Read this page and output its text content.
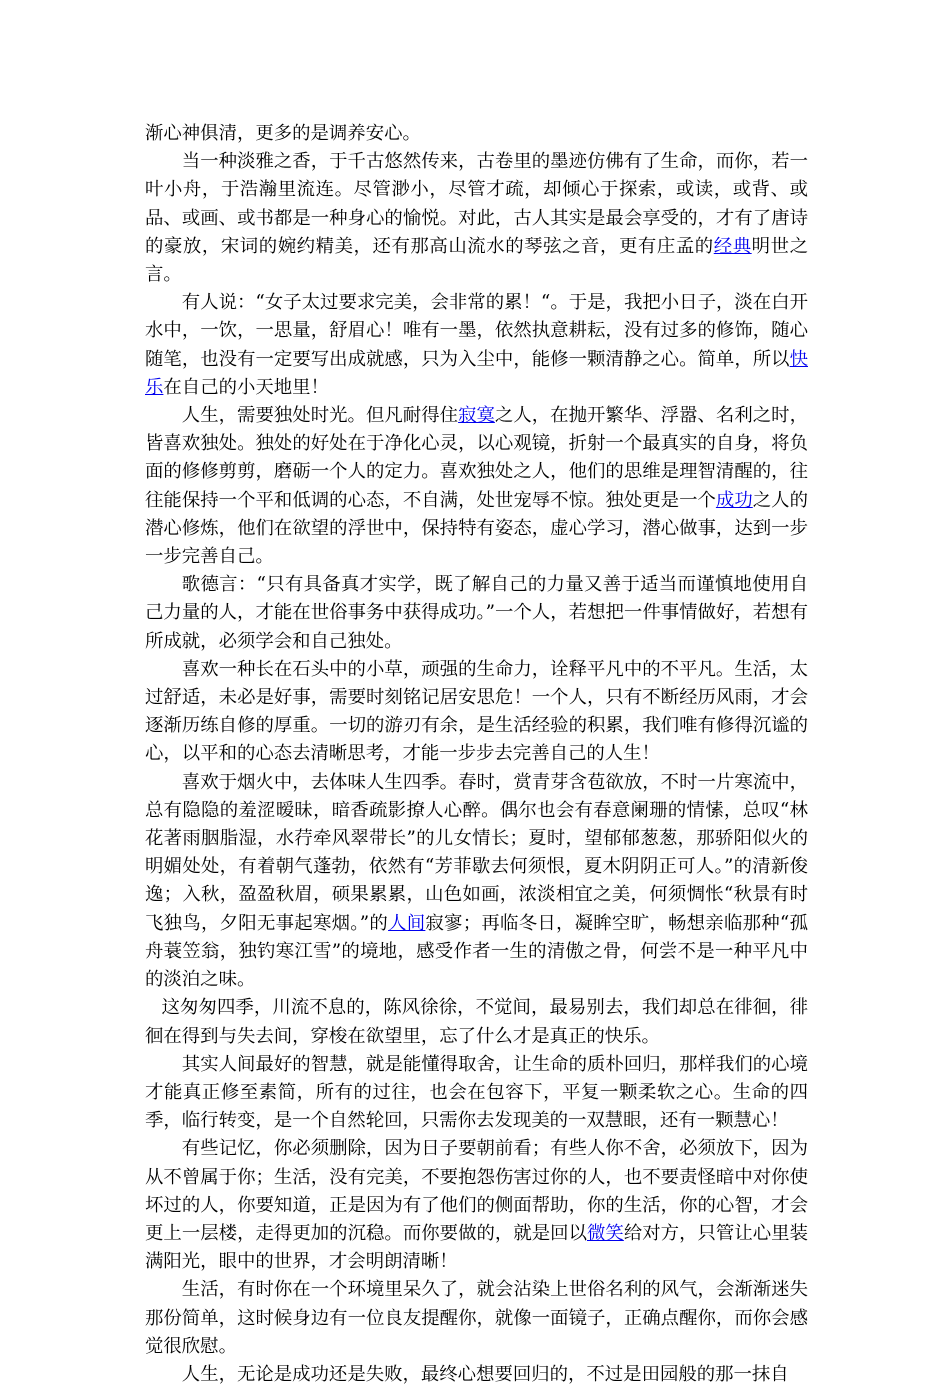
渐心神俱清，更多的是调养安心。

当一种淡雅之香，于千古悠然传来，古卷里的墨迹仿佛有了生命，而你，若一叶小舟，于浩瀚里流连。尽管渺小，尽管才疏，却倾心于探索，或读，或背、或品、或画、或书都是一种身心的愉悦。对此，古人其实是最会享受的，才有了唐诗的豪放，宋词的婉约精美，还有那高山流水的琴弦之音，更有庄孟的经典明世之言。

有人说：“女子太过要求完美，会非常的累！“。于是，我把小日子，淡在白开水中，一饮，一思量，舒眉心！唯有一墨，依然执意耕耘，没有过多的修饰，随心随笔，也没有一定要写出成就感，只为入尘中，能修一颗清静之心。简单，所以快乐在自己的小天地里！

人生，需要独处时光。但凡耐得住寂寞之人，在抛开繁华、浮嚣、名利之时，皆喜欢独处。独处的好处在于净化心灵，以心观镜，折射一个最真实的自身，将负面的修修剪剪，磨砺一个人的定力。喜欢独处之人，他们的思维是理智清醒的，往往能保持一个平和低调的心态，不自满，处世宠辱不惊。独处更是一个成功之人的潜心修炼，他们在欲望的浮世中，保持特有姿态，虚心学习，潜心做事，达到一步一步完善自己。

歌德言：“只有具备真才实学，既了解自己的力量又善于适当而谨慎地使用自己力量的人，才能在世俗事务中获得成功。”一个人，若想把一件事情做好，若想有所成就，必须学会和自己独处。

喜欢一种长在石头中的小草，顽强的生命力，诠释平凡中的不平凡。生活，太过舒适，未必是好事，需要时刻铭记居安思危！一个人，只有不断经历风雨，才会逐渐历练自修的厚重。一切的游刃有余，是生活经验的积累，我们唯有修得沉谧的心，以平和的心态去清晰思考，才能一步步去完善自己的人生！

喜欢于烟火中，去体味人生四季。春时，赏青芽含苞欲放，不时一片寒流中，总有隐隐的羞涩暧昧，暗香疏影撩人心醉。偶尔也会有春意阑珊的情愫，总叹“林花著雨胭脂湿，水荇牵风翠带长”的儿女情长；夏时，望郁郁葱葱，那骄阳似火的明媚处处，有着朝气蓬勃，依然有“芳菲歇去何须恨，夏木阴阴正可人。”的清新俊逸；入秋，盈盈秋眉，硕果累累，山色如画，浓淡相宜之美，何须惆怅“秋景有时飞独鸟，夕阳无事起寒烟。”的人间寂寥；再临冬日，凝眸空旷，畅想亲临那种“孤舟蓑笠翁，独钓寒江雪”的境地，感受作者一生的清傲之骨，何尝不是一种平凡中的淡泊之味。

这匆匆四季，川流不息的，陈风徐徐，不觉间，最易别去，我们却总在徘徊，徘徊在得到与失去间，穿梭在欲望里，忘了什么才是真正的快乐。

其实人间最好的智慧，就是能懂得取舍，让生命的质朴回归，那样我们的心境才能真正修至素简，所有的过往，也会在包容下，平复一颗柔软之心。生命的四季，临行转变，是一个自然轮回，只需你去发现美的一双慧眼，还有一颗慧心！

有些记忆，你必须删除，因为日子要朝前看；有些人你不舍，必须放下，因为从不曾属于你；生活，没有完美，不要抱怨伤害过你的人，也不要责怪暗中对你使坏过的人，你要知道，正是因为有了他们的侧面帮助，你的生活，你的心智，才会更上一层楼，走得更加的沉稳。而你要做的，就是回以微笑给对方，只管让心里装满阳光，眼中的世界，才会明朗清晰！

生活，有时你在一个环境里呆久了，就会沾染上世俗名利的风气，会渐渐迷失那份简单，这时候身边有一位良友提醒你，就像一面镜子，正确点醒你，而你会感觉很欣慰。

人生，无论是成功还是失败，最终心想要回归的，不过是田园般的那一抹自
